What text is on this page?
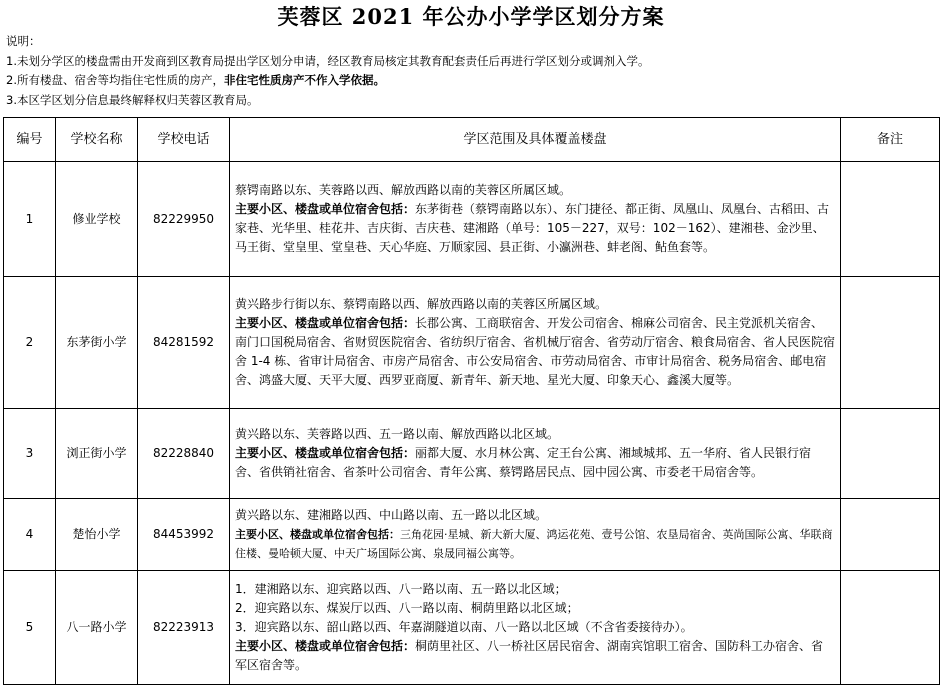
芙蓉区 2021 年公办小学学区划分方案
说明：
1.未划分学区的楼盘需由开发商到区教育局提出学区划分申请，经区教育局核定其教育配套责任后再进行学区划分或调剂入学。
2.所有楼盘、宿舍等均指住宅性质的房产，非住宅性质房产不作入学依据。
3.本区学区划分信息最终解释权归芙蓉区教育局。
编号	学校名称	学校电话	学区范围及具体覆盖楼盘	备注
1	修业学校	82229950	蔡锷南路以东、芙蓉路以西、解放西路以南的芙蓉区所属区域。
主要小区、楼盘或单位宿舍包括：东茅街巷（蔡锷南路以东）、东门捷径、都正街、凤凰山、凤凰台、古稻田、古家巷、光华里、桂花井、吉庆街、吉庆巷、建湘路（单号：105－227，双号：102－162）、建湘巷、金沙里、马王街、堂皇里、堂皇巷、天心华庭、万顺家园、县正街、小瀛洲巷、蚌老阁、鲇鱼套等。	
2	东茅街小学	84281592	黄兴路步行街以东、蔡锷南路以西、解放西路以南的芙蓉区所属区域。
主要小区、楼盘或单位宿舍包括：长郡公寓、工商联宿舍、开发公司宿舍、棉麻公司宿舍、民主党派机关宿舍、南门口国税局宿舍、省财贸医院宿舍、省纺织厅宿舍、省机械厅宿舍、省劳动厅宿舍、粮食局宿舍、省人民医院宿舍 1-4 栋、省审计局宿舍、市房产局宿舍、市公安局宿舍、市劳动局宿舍、市审计局宿舍、税务局宿舍、邮电宿舍、鸿盛大厦、天平大厦、西罗亚商厦、新青年、新天地、星光大厦、印象天心、鑫溪大厦等。	
3	浏正街小学	82228840	黄兴路以东、芙蓉路以西、五一路以南、解放西路以北区域。
主要小区、楼盘或单位宿舍包括：丽都大厦、水月林公寓、定王台公寓、湘域城邦、五一华府、省人民银行宿舍、省供销社宿舍、省茶叶公司宿舍、青年公寓、蔡锷路居民点、园中园公寓、市委老干局宿舍等。	
4	楚怡小学	84453992	黄兴路以东、建湘路以西、中山路以南、五一路以北区域。
主要小区、楼盘或单位宿舍包括：三角花园·星城、新大新大厦、鸿运花苑、壹号公馆、农垦局宿舍、英尚国际公寓、华联商住楼、曼哈顿大厦、中天广场国际公寓、泉晟同福公寓等。	
5	八一路小学	82223913	1．建湘路以东、迎宾路以西、八一路以南、五一路以北区域；
2．迎宾路以东、煤炭厅以西、八一路以南、桐荫里路以北区域；
3．迎宾路以东、韶山路以西、年嘉湖隧道以南、八一路以北区域（不含省委接待办）。
主要小区、楼盘或单位宿舍包括：桐荫里社区、八一桥社区居民宿舍、湖南宾馆职工宿舍、国防科工办宿舍、省军区宿舍等。	
